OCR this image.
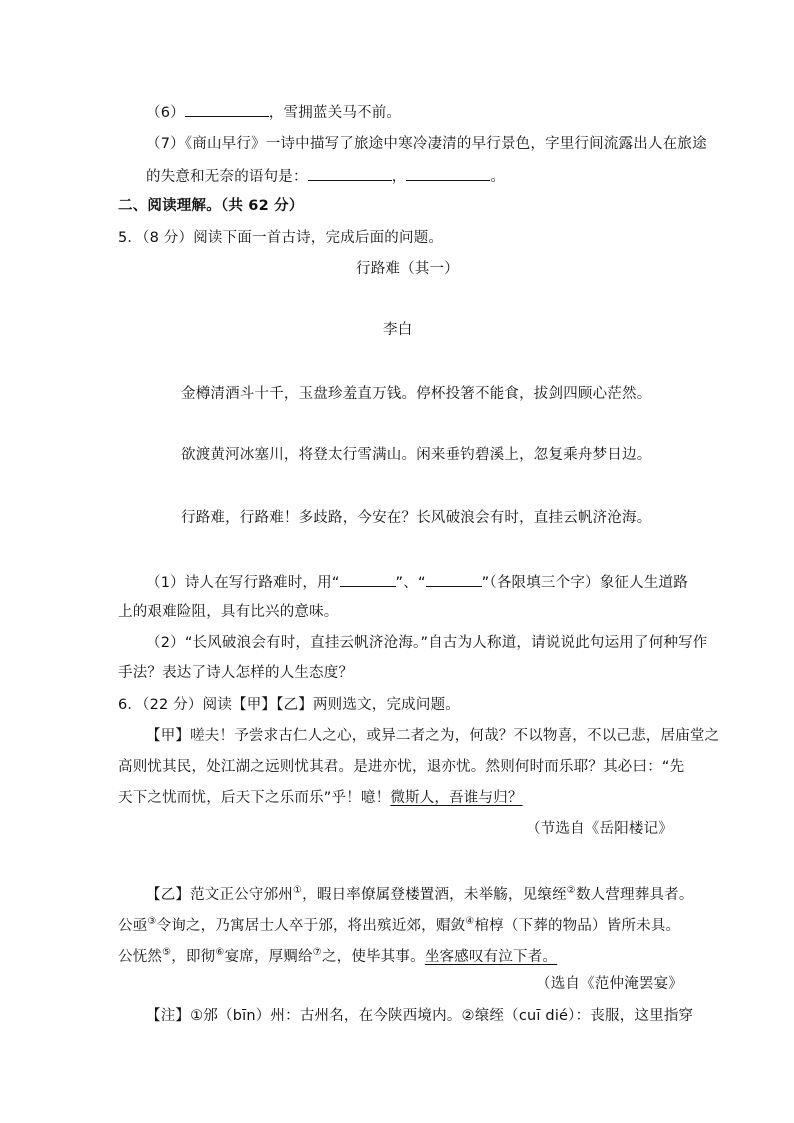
（6）	，雪拥蓝关马不前。
（7）《商山早行》一诗中描写了旅途中寒冷凄清的早行景色，字里行间流露出人在旅途
的失意和无奈的语句是：	，	。
二、阅读理解。（共 62 分）
5．（8 分）阅读下面一首古诗，完成后面的问题。
行路难（其一）
李白
金樽清酒斗十千，玉盘珍羞直万钱。停杯投箸不能食，拔剑四顾心茫然。
欲渡黄河冰塞川，将登太行雪满山。闲来垂钓碧溪上，忽复乘舟梦日边。
行路难，行路难！多歧路，今安在？长风破浪会有时，直挂云帆济沧海。
（1）诗人在写行路难时，用“	”、“	”（各限填三个字）象征人生道路
上的艰难险阻，具有比兴的意味。
（2）“长风破浪会有时，直挂云帆济沧海。”自古为人称道，请说说此句运用了何种写作
手法？表达了诗人怎样的人生态度？
6．（22 分）阅读【甲】【乙】两则选文，完成问题。
【甲】嗟夫！予尝求古仁人之心，或异二者之为，何哉？不以物喜，不以己悲，居庙堂之
高则忧其民，处江湖之远则忧其君。是进亦忧，退亦忧。然则何时而乐耶？其必曰：“先
天下之忧而忧，后天下之乐而乐”乎！噫！微斯人，吾谁与归？
（节选自《岳阳楼记》
【乙】范文正公守邠州①，暇日率僚属登楼置酒，未举觞，见缞绖②数人营理葬具者。
公亟③令询之，乃寓居士人卒于邠，将出殡近郊，赗敛④棺椁（下葬的物品）皆所未具。
公怃然⑤，即彻⑥宴席，厚赒给⑦之，使毕其事。坐客感叹有泣下者。
（选自《范仲淹罢宴》
【注】①邠（bīn）州：古州名，在今陕西境内。②缞绖（cuī dié）：丧服，这里指穿
